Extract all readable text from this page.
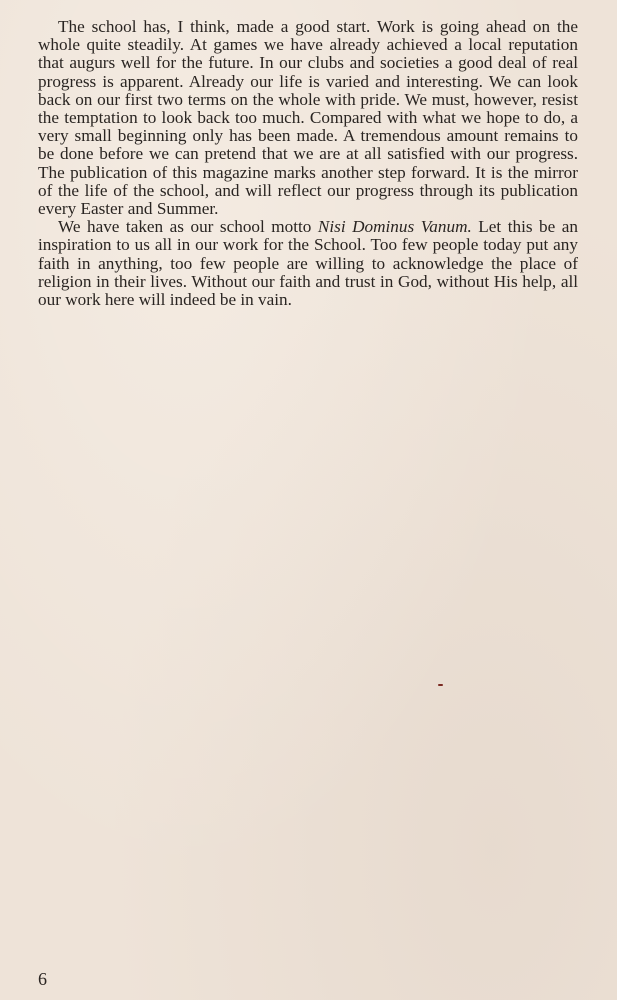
The school has, I think, made a good start. Work is going ahead on the whole quite steadily. At games we have already achieved a local reputation that augurs well for the future. In our clubs and societies a good deal of real progress is apparent. Already our life is varied and interesting. We can look back on our first two terms on the whole with pride. We must, however, resist the temptation to look back too much. Compared with what we hope to do, a very small beginning only has been made. A tremendous amount remains to be done before we can pretend that we are at all satisfied with our progress. The publication of this magazine marks another step forward. It is the mirror of the life of the school, and will reflect our progress through its publication every Easter and Summer.

We have taken as our school motto Nisi Dominus Vanum. Let this be an inspiration to us all in our work for the School. Too few people today put any faith in anything, too few people are willing to acknowledge the place of religion in their lives. Without our faith and trust in God, without His help, all our work here will indeed be in vain.

6
